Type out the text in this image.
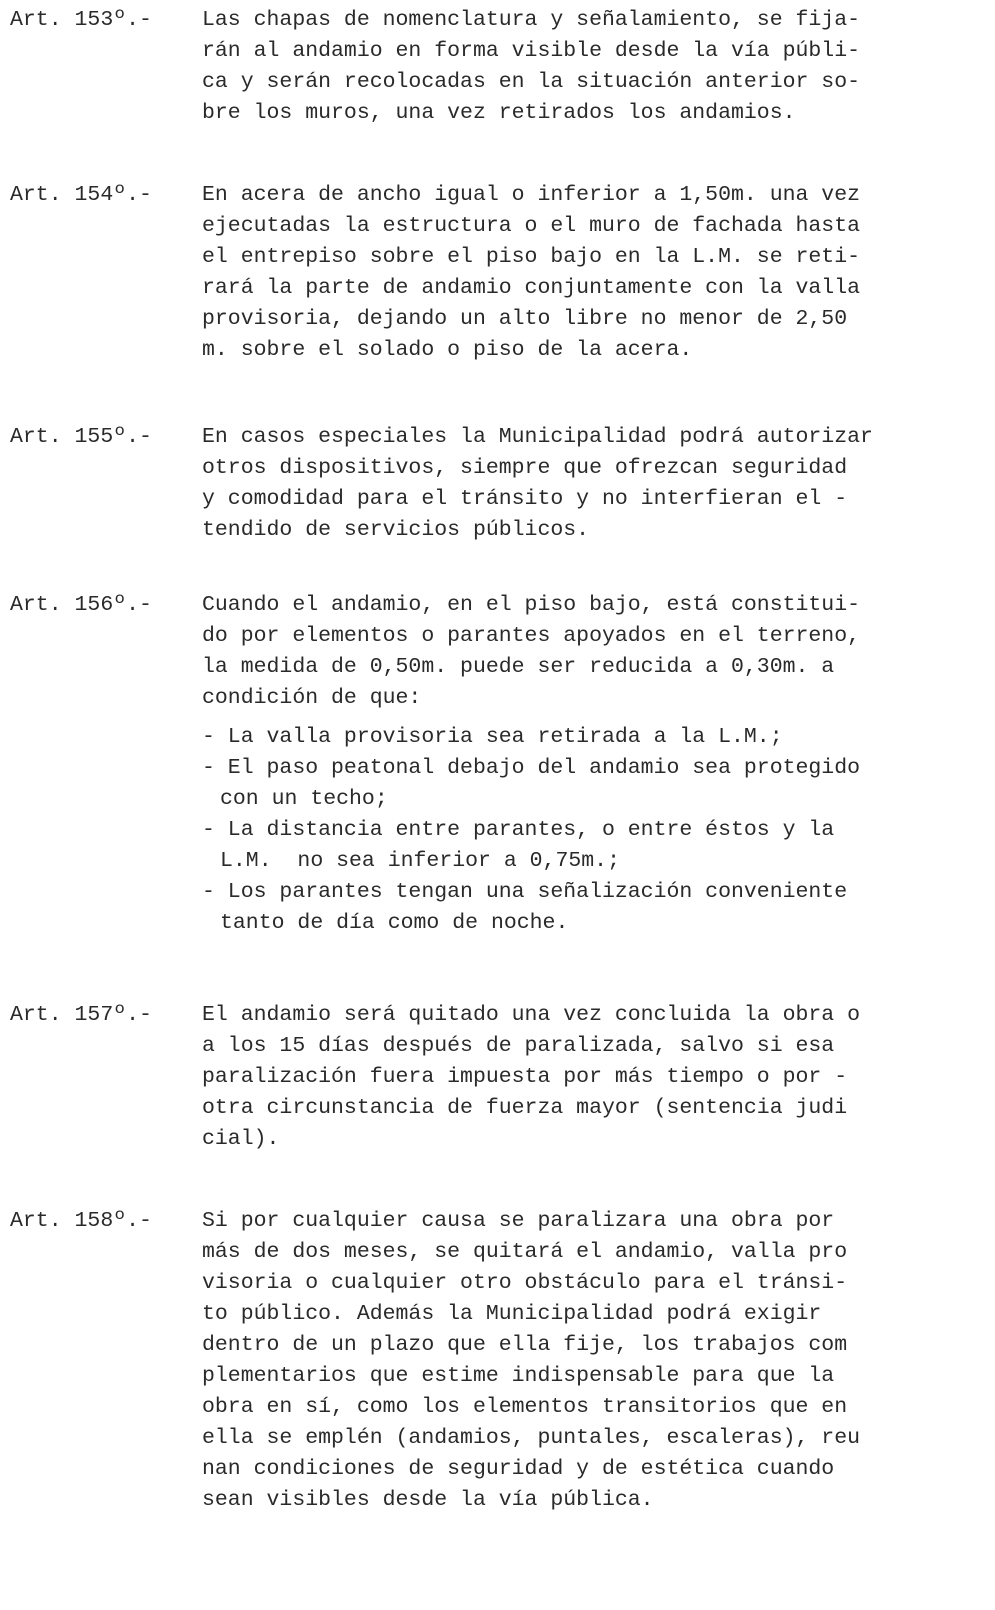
Art. 153º.- Las chapas de nomenclatura y señalamiento, se fija-
rán al andamio en forma visible desde la vía públi-
ca y serán recolocadas en la situación anterior so-
bre los muros, una vez retirados los andamios.
Art. 154º.- En acera de ancho igual o inferior a 1,50m. una vez
ejecutadas la estructura o el muro de fachada hasta
el entrepiso sobre el piso bajo en la L.M. se reti-
rará la parte de andamio conjuntamente con la valla
provisoria, dejando un alto libre no menor de 2,50
m. sobre el solado o piso de la acera.
Art. 155º.- En casos especiales la Municipalidad podrá autorizar
otros dispositivos, siempre que ofrezcan seguridad
y comodidad para el tránsito y no interfieran el -
tendido de servicios públicos.
Art. 156º.- Cuando el andamio, en el piso bajo, está constitui-
do por elementos o parantes apoyados en el terreno,
la medida de 0,50m. puede ser reducida a 0,30m. a
condición de que:
- La valla provisoria sea retirada a la L.M.;
- El paso peatonal debajo del andamio sea protegido
con un techo;
- La distancia entre parantes, o entre éstos y la
L.M.  no sea inferior a 0,75m.;
- Los parantes tengan una señalización conveniente
tanto de día como de noche.
Art. 157º.- El andamio será quitado una vez concluida la obra o
a los 15 días después de paralizada, salvo si esa
paralización fuera impuesta por más tiempo o por -
otra circunstancia de fuerza mayor (sentencia judi
cial).
Art. 158º.- Si por cualquier causa se paralizara una obra por
más de dos meses, se quitará el andamio, valla pro
visoria o cualquier otro obstáculo para el tránsi-
to público. Además la Municipalidad podrá exigir
dentro de un plazo que ella fije, los trabajos com
plementarios que estime indispensable para que la
obra en sí, como los elementos transitorios que en
ella se emplén (andamios, puntales, escaleras), reu
nan condiciones de seguridad y de estética cuando
sean visibles desde la vía pública.
